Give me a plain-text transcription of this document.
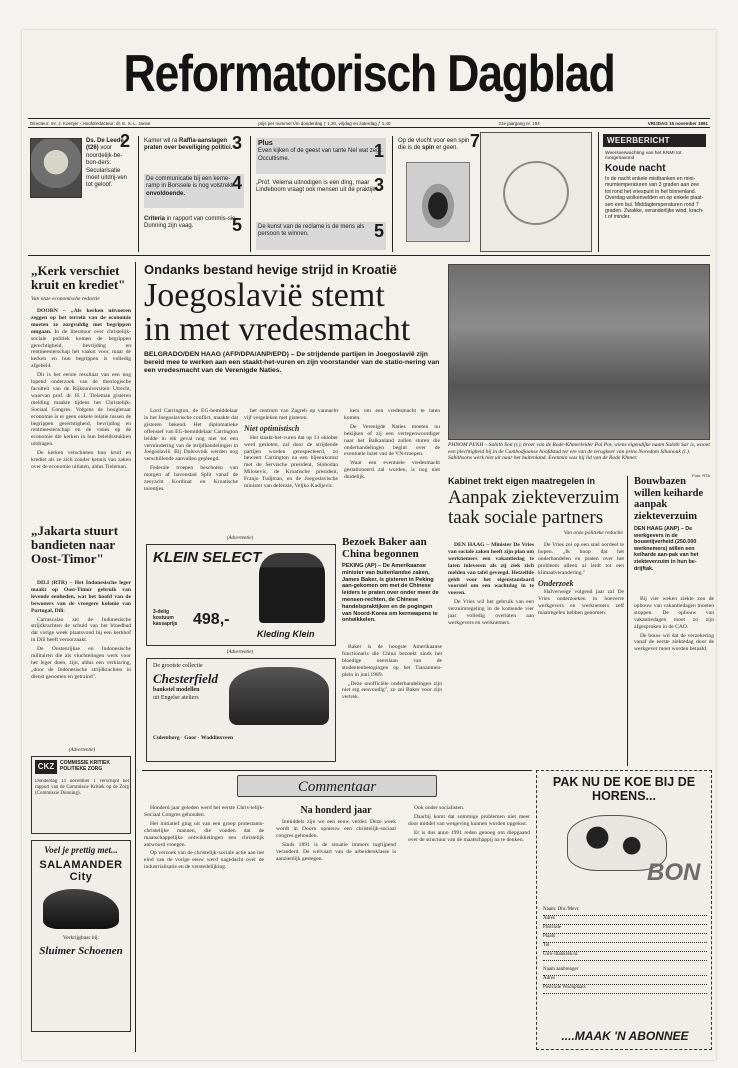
Reformatorisch Dagblad
Directeur: mr. J. Koenjer - Hoofdredacteur: dr. E. S. L. Janse	prijs per nummer t/m donderdag ƒ 1,30, vrijdag en zaterdag ƒ 1,40	21e jaargang nr. 194	VRIJDAG 15 november 1991
Ds. De Leede (t26) voor noordelijk-be-bon-ders: Secularisatie moet uitdrij-ven tot geloof.
2 Kamer wil ra Raffia-aanslagen praten over beveiliging politici. 3
De communicatie bij een kerne-ramp in Borssele is nog volstrekt onvoldoende.
4
Criteria in rapport van commis-sie-Dunning zijn vaag. 5
Plus
Even kijken of de geest van tante Nel wat zegt: Occultisme.	1
„Prof. Velema uitnodigen is een ding, maar Lindeboom vraagt ook mensen uit de praktijk".
3
De kunst van de reclame is de mens als persoon te winnen.	5
Op de vlucht voor een spin die is de spin er geen. 7	WEERBERICHT
Weersverwachting van het KNMI tot morgenavond
Koude nacht
In de nacht enkele mistbanken en mini-mumtemperaturen van 3 graden aan zee tot rond het vriespunt in het binnenland. Overdag wolkenvelden en op enkele plaat-sen een bui. Middagtemperaturen rond 7 graden. Zwakke, veranderlijke wind, krach-t of minder.
„Kerk verschiet kruit en krediet"
Van onze economische redactie

DOORN – „Als kerken uitvoeren zeggen op het terrein van de economie moeten ze zorgvuldig met begrippen omgaan. In de literatuur over christelijk-sociale politiek komen de begrippen gerechtigheid, bevrijding en rentmeesterschap het vaakst voor, maar de kerken en hun begrippen is volledig afgebeld.

Dit is het eerste resultaat van een nog lopend onderzoek van de theologische faculteit van de Rijksuniversiteit Utrecht, waarvan prof. dr. H. J. Tieleman gisteren melding maakte tijdens het Christelijk-Sociaal Congres. Volgens de hoogleraar economie is er geen enkele relatie tussen de begrippen gerechtigheid, bevrijding en rentmeesterschap en de visies op de economie die kerken in hun beleidsstukken uitdragen.

De kerken verschieten hun kruit en krediet als ze zich zonder kennis van zaken over de economie uitlaten, aldus Tieleman.

„Jakarta stuurt bandieten naar Oost-Timor"

DILI (RTR) – Het Indonesische leger maakt op Oost-Timor gebruik van levende eenheden, wat het hoofd van de bewoners van de vroegere kolonie van Portugal, Dili.

Carrascalao zei de Indonesische strijdkrachten de schuld van het bloedbad dat vorige week plaatsvond bij een kerkhof in Dili heeft veroorzaakt.

De Oostenrijkse en Indonesische militairen die als vluchtelingen werk voor het leger doen, zijn, aldus een verklaring, „door de Indonesische strijdkrachten in dienst genomen en getraind".

(Advertentie)
CKZ	COMMISSIE KRITIEK POLITIEKE ZORG
Donderdag 14 november 1 verschijnt het rapport van de Commissie Kritiek op de Zorg (Commissie Dunning).
Voel je prettig met...
SALAMANDER City
Verkrijgbaar bij:
Sluimer Schoenen
Ondanks bestand hevige strijd in Kroatië
Joegoslavië stemt
in met vredesmacht
BELGRADO/DEN HAAG (AFP/DPA/ANP/EPD) – De strijdende partijen in Joegoslavië zijn bereid mee te werken aan een staakt-het-vuren en zijn voorstander van de statio-nering van een vredesmacht van de Verenigde Naties.

Lord Carrington, de EG-bemiddelaar in het Joegoslavische conflict, maakte dat gisteren bekend. Het diplomatieke offensief van EG-bemiddelaar Carrington leidde in elk geval nog niet tot een vermindering van de strijdhandelingen in Joegoslavië. Bij Dubrovnik werden nog verschillende aanvallen gepleegd.

Federale troepen beschoten van morgen af havenstad Split vanaf de zeeyacht Kordinat en Kroatische torentjes.

het centrum van Zagreb op vannacht vijf vergeleken met gisteren.

Niet optimistisch

Het staakt-het-vuren dat op 13 oktober werd gesloten, zal door de strijdende partijen worden gerespecteerd, zo beweert Carrington na een bijeenkomst met de Servische president, Slobodan Milosevic, de Kroatische president, Franjo Tudjman, en de Joegoslavische minister van defensie, Veljko Kadijevic.

kers om een vredesmacht te laten komen.

De Verenigde Naties moeten nu bekijken of zij een vertegenwoordiger naar het Balkanland zullen sturen die onderhandelingen begint over de eventuele inzet van de VN-troepen.

Waar een eventuele vredesmacht gestationeerd zal worden, is nog niet duidelijk.

PHNOM PENH – Sabith Son (r.), broer van de Rode-Khmerleider Pol Pot, wiens eigendijke naam Saloth Sar is, woont een plechtigheid bij in de Cambodjaanse hoofdstad ter ere van de terugkeer van prins Norodom Sihanouk (l.). Sabithsons werk niet uit naar het buitenland. Evenmin was hij lid van de Rode Khmer.
Foto: RTA
(Advertentie)
KLEIN SELECT
3-delig kostuum kassaprijs 498,-
Kleding Klein
(Advertentie)
De grootste collectie
Chesterfield
bankstel modellen
uit Engelse ateliers
Culemborg · Goor · Waddinxveen
Bezoek Baker aan China begonnen
PEKING (AP) – De Amerikaanse minister van buitenlandse zaken, James Baker, is gisteren in Peking aan-gekomen om met de Chinese leiders te praten over onder meer de mensen-rechten, de Chinese handelspraktijken en de pogingen van Noord-Korea om kernwapens te ontwikkelen.

Baker is de hoogste Amerikaanse functionaris die China bezoekt sinds het bloedige neerslaan van de studentenbetogingen op het Tiananmen-plein in juni 1989.

„Deze onofficiële onderhandelingen zijn niet erg eenvoudig", zo zei Baker voor zijn vertrek.

Kabinet trekt eigen maatregelen in
Aanpak ziekteverzuim
taak sociale partners
Van onze politieke redactie

DEN HAAG – Minister De Vries van sociale zaken heeft zijn plan om werknemers een vakantiedag te laten inleveren als zij ziek zich melden van tafel geveegd. Hetzelfde geldt voor het eigenstandaard voorstel om een wachtdag in te voeren.

De Vries wil het gebruik van een verzuimregeling in de komende vier jaar volledig overlaten aan werkgevers en werknemers.

De Vries zei op een snel oordeel te hopen. „Ik hoop dat het onderhandelen en praten over het probleem alleen al leidt tot een klimaatverandering."

Onderzoek

Halverwege volgend jaar zal De Vries onderzoeken in hoeverre werkgevers en werknemers zelf maatregelen hebben genomen.

Bouwbazen willen keiharde aanpak ziekteverzuim
DEN HAAG (ANP) – De werkgevers in de bouwnijverheid (250.000 werknemers) willen een keiharde aan-pak van het ziekteverzuim in hun be-drijftak.

Bij vier weken ziekte zou de opbouw van vakantiedagen moeten stoppen. De opbouw van vakantiedagen moet zo zijn afgesproken in de CAO.

De bouw wil dat de verzekering vanaf de eerste ziektedag door de werkgever moet worden betaald.

Commentaar

Honderd jaar geleden werd het eerste Chris-telijk-Sociaal Congres gehouden.

Het initiatief ging uit van een groep protestants-christelijke mannen, die vonden dat de maatschappelijke ontwikkelingen een christelijk antwoord vroegen.

Op verzoek van de christelijk-sociale actie aan het eind van de vorige eeuw werd nagedacht over de industrialisatie en de verstedelijking.

Na honderd jaar

Inmiddels zijn we een eeuw verder. Deze week wordt in Doorn opnieuw een christelijk-sociaal congres gehouden.

Sinds 1891 is de situatie immers ingrijpend veranderd. De welvaart van de arbeidersklasse is aanzienlijk gestegen.

Ook onder socialisten.

Daarbij komt dat sommige problemen niet meer door middel van wetgeving kunnen worden opgelost.

Er is dus anno 1991 reden genoeg om diepgaand over de structuur van de maatschappij na te denken.

PAK NU DE KOE BIJ DE
HORENS...
BON
Naam: Dhr./Mevr.
Adres
Postcode
Plaats
Tel.
Giro-/Bankrek.nr.
Naam aanbrenger
Adres
Postcode Woonplaats
....MAAK 'N ABONNEE
